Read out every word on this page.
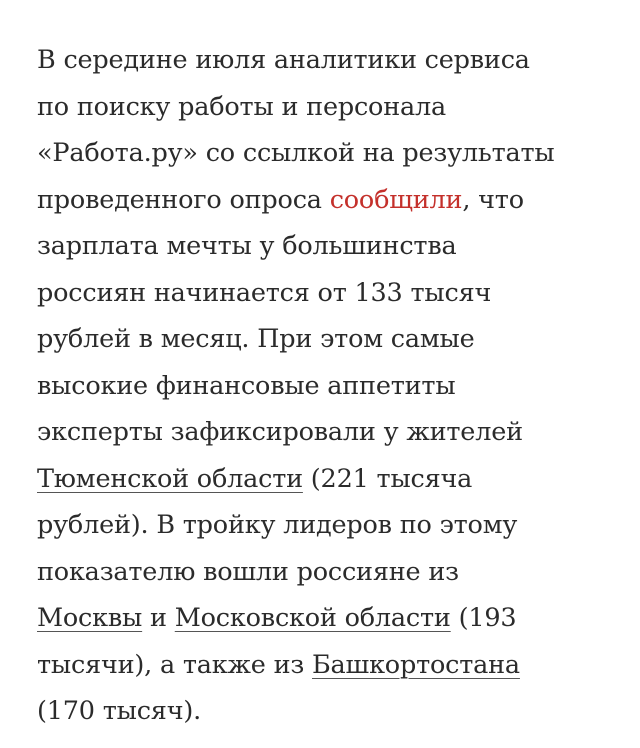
В середине июля аналитики сервиса
по поиску работы и персонала
«Работа.ру» со ссылкой на результаты
проведенного опроса сообщили, что
зарплата мечты у большинства
россиян начинается от 133 тысяч
рублей в месяц. При этом самые
высокие финансовые аппетиты
эксперты зафиксировали у жителей
Тюменской области (221 тысяча
рублей). В тройку лидеров по этому
показателю вошли россияне из
Москвы и Московской области (193
тысячи), а также из Башкортостана
(170 тысяч).
